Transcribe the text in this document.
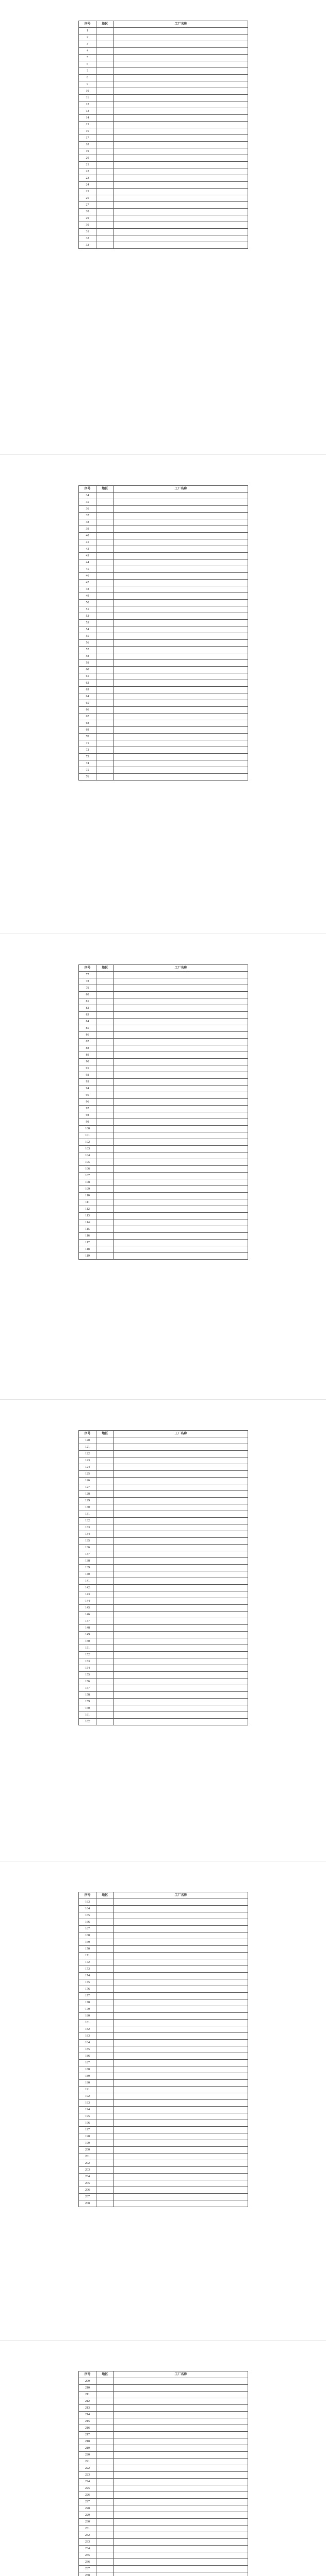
序号	地区	工厂名称
1		
2		
3		
4		
5		
6		
7		
8		
9		
10		
11		
12		
13		
14		
15		
16		
17		
18		
19		
20		
21		
22		
23		
24		
25		
26		
27		
28		
29		
30		
31		
32		
33		
序号	地区	工厂名称
34		
35		
36		
37		
38		
39		
40		
41		
42		
43		
44		
45		
46		
47		
48		
49		
50		
51		
52		
53		
54		
55		
56		
57		
58		
59		
60		
61		
62		
63		
64		
65		
66		
67		
68		
69		
70		
71		
72		
73		
74		
75		
76		
序号	地区	工厂名称
77		
78		
79		
80		
81		
82		
83		
84		
85		
86		
87		
88		
89		
90		
91		
92		
93		
94		
95		
96		
97		
98		
99		
100		
101		
102		
103		
104		
105		
106		
107		
108		
109		
110		
111		
112		
113		
114		
115		
116		
117		
118		
119		
序号	地区	工厂名称
120		
121		
122		
123		
124		
125		
126		
127		
128		
129		
130		
131		
132		
133		
134		
135		
136		
137		
138		
139		
140		
141		
142		
143		
144		
145		
146		
147		
148		
149		
150		
151		
152		
153		
154		
155		
156		
157		
158		
159		
160		
161		
162		
序号	地区	工厂名称
163		
164		
165		
166		
167		
168		
169		
170		
171		
172		
173		
174		
175		
176		
177		
178		
179		
180		
181		
182		
183		
184		
185		
186		
187		
188		
189		
190		
191		
192		
193		
194		
195		
196		
197		
198		
199		
200		
201		
202		
203		
204		
205		
206		
207		
208		
序号	地区	工厂名称
209		
210		
211		
212		
213		
214		
215		
216		
217		
218		
219		
220		
221		
222		
223		
224		
225		
226		
227		
228		
229		
230		
231		
232		
233		
234		
235		
236		
237		
238		
